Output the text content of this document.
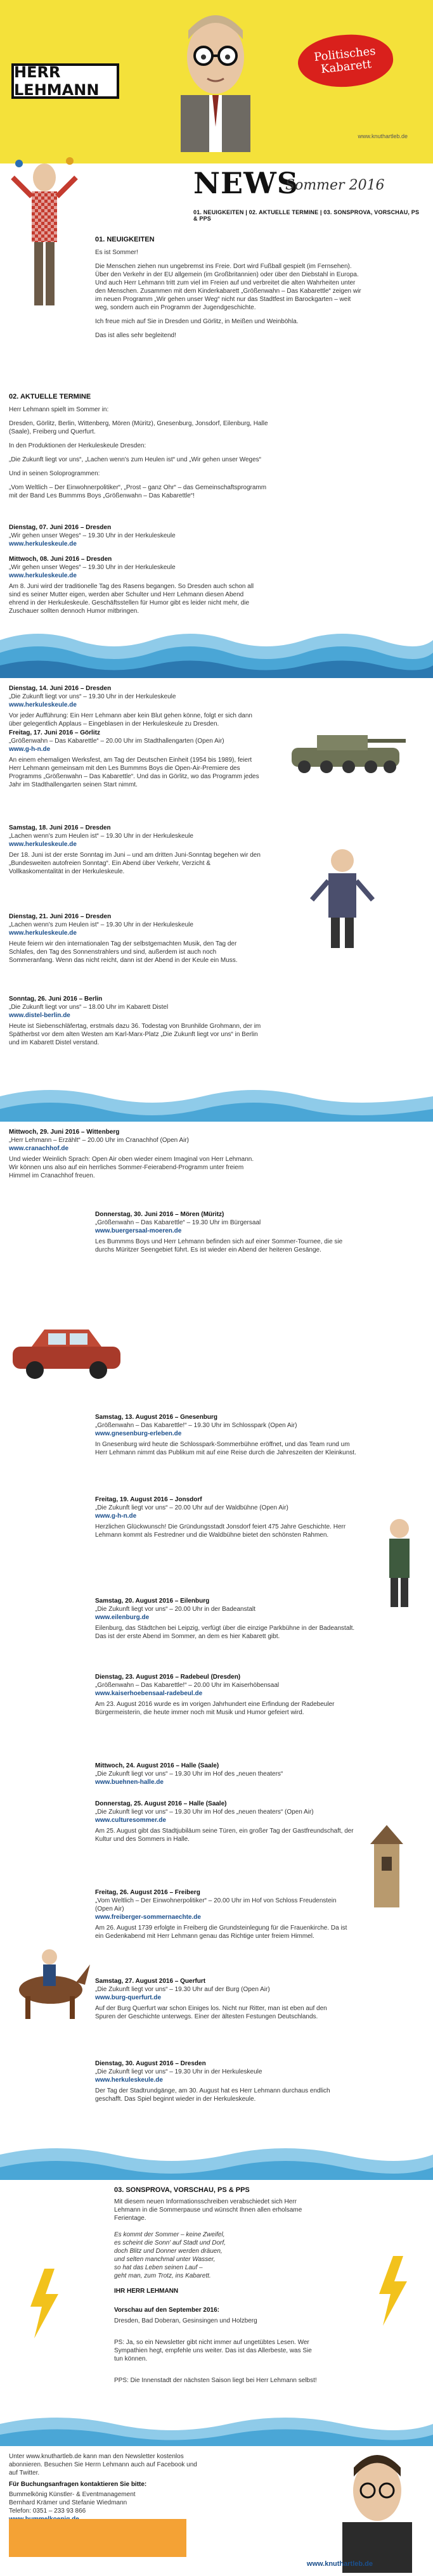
HERR LEHMANN
Politisches Kabarett
www.knuthartleb.de
NEWS
Sommer 2016
01. NEUIGKEITEN | 02. AKTUELLE TERMINE | 03. SONSPROVA, VORSCHAU, PS & PPS
01. NEUIGKEITEN

Es ist Sommer!

Die Menschen ziehen nun ungebremst ins Freie. Dort wird Fußball gespielt (im Fernsehen). Über den Verkehr in der EU allgemein (im Großbritannien) oder über den Diebstahl in Europa. Und auch Herr Lehmann tritt zum viel im Freien auf und verbreitet die alten Wahrheiten unter den Menschen. Zusammen mit dem Kinderkabarett „Größenwahn – Das Kabarettle“ zeigen wir im neuen Programm „Wir gehen unser Weg“ nicht nur das Stadtfest im Barockgarten – weit weg, sondern auch ein Programm der Jugendgeschichte.

Ich freue mich auf Sie in Dresden und Görlitz, in Meißen und Weinböhla.

Das ist alles sehr begleitend!

02. AKTUELLE TERMINE

Herr Lehmann spielt im Sommer in:

Dresden, Görlitz, Berlin, Wittenberg, Mören (Müritz), Gnesenburg, Jonsdorf, Eilenburg, Halle (Saale), Freiberg und Querfurt.

In den Produktionen der Herkuleskeule Dresden:

„Die Zukunft liegt vor uns“, „Lachen wenn's zum Heulen ist“ und „Wir gehen unser Weges“

Und in seinen Soloprogrammen:

„Vom Weltlich – Der Einwohnerpolitiker“, „Prost – ganz Ohr“ – das Gemeinschaftsprogramm mit der Band Les Bummms Boys „Größenwahn – Das Kabarettle“!

Dienstag, 07. Juni 2016 – Dresden
„Wir gehen unser Weges“ – 19.30 Uhr in der Herkuleskeule
www.herkuleskeule.de
Mittwoch, 08. Juni 2016 – Dresden
„Wir gehen unser Weges“ – 19.30 Uhr in der Herkuleskeule
www.herkuleskeule.de
Am 8. Juni wird der traditionelle Tag des Rasens begangen. So Dresden auch schon all sind es seiner Mutter eigen, werden aber Schulter und Herr Lehmann diesen Abend ehrend in der Herkuleskeule. Geschäftsstellen für Humor gibt es leider nicht mehr, die Zuschauer sollten dennoch Humor mitbringen.
Dienstag, 14. Juni 2016 – Dresden
„Die Zukunft liegt vor uns“ – 19.30 Uhr in der Herkuleskeule
www.herkuleskeule.de
Vor jeder Aufführung: Ein Herr Lehmann aber kein Blut gehen könne, folgt er sich dann über gelegentlich Applaus – Eingeblasen in der Herkuleskeule zu Dresden.
Freitag, 17. Juni 2016 – Görlitz
„Größenwahn – Das Kabarettle“ – 20.00 Uhr im Stadthallengarten (Open Air)
www.g-h-n.de
An einem ehemaligen Werksfest, am Tag der Deutschen Einheit (1954 bis 1989), feiert Herr Lehmann gemeinsam mit den Les Bummms Boys die Open-Air-Premiere des Programms „Größenwahn – Das Kabarettle“. Und das in Görlitz, wo das Programm jedes Jahr im Stadthallengarten seinen Start nimmt.
Samstag, 18. Juni 2016 – Dresden
„Lachen wenn's zum Heulen ist“ – 19.30 Uhr in der Herkuleskeule
www.herkuleskeule.de
Der 18. Juni ist der erste Sonntag im Juni – und am dritten Juni-Sonntag begehen wir den „Bundesweiten autofreien Sonntag“. Ein Abend über Verkehr, Verzicht & Vollkaskomentalität in der Herkuleskeule.
Dienstag, 21. Juni 2016 – Dresden
„Lachen wenn's zum Heulen ist“ – 19.30 Uhr in der Herkuleskeule
www.herkuleskeule.de
Heute feiern wir den internationalen Tag der selbstgemachten Musik, den Tag der Schlafes, den Tag des Sonnenstrahlers und sind, außerdem ist auch noch Sommeranfang. Wenn das nicht reicht, dann ist der Abend in der Keule ein Muss.
Sonntag, 26. Juni 2016 – Berlin
„Die Zukunft liegt vor uns“ – 18.00 Uhr im Kabarett Distel
www.distel-berlin.de
Heute ist Siebenschläfertag, erstmals dazu 36. Todestag von Brunhilde Grohmann, der im Spätherbst vor dem alten Westen am Karl-Marx-Platz „Die Zukunft liegt vor uns“ in Berlin und im Kabarett Distel verstand.
Mittwoch, 29. Juni 2016 – Wittenberg
„Herr Lehmann – Erzählt“ – 20.00 Uhr im Cranachhof (Open Air)
www.cranachhof.de
Und wieder Weinlich Sprach: Open Air oben wieder einem Imaginal von Herr Lehmann. Wir können uns also auf ein herrliches Sommer-Feierabend-Programm unter freiem Himmel im Cranachhof freuen.
Donnerstag, 30. Juni 2016 – Mören (Müritz)
„Größenwahn – Das Kabarettle“ – 19.30 Uhr im Bürgersaal
www.buergersaal-moeren.de
Les Bummms Boys und Herr Lehmann befinden sich auf einer Sommer-Tournee, die sie durchs Müritzer Seengebiet führt. Es ist wieder ein Abend der heiteren Gesänge.
Samstag, 13. August 2016 – Gnesenburg
„Größenwahn – Das Kabarettle!“ – 19.30 Uhr im Schlosspark (Open Air)
www.gnesenburg-erleben.de
In Gnesenburg wird heute die Schlosspark-Sommerbühne eröffnet, und das Team rund um Herr Lehmann nimmt das Publikum mit auf eine Reise durch die Jahreszeiten der Kleinkunst.
Freitag, 19. August 2016 – Jonsdorf
„Die Zukunft liegt vor uns“ – 20.00 Uhr auf der Waldbühne (Open Air)
www.g-h-n.de
Herzlichen Glückwunsch! Die Gründungsstadt Jonsdorf feiert 475 Jahre Geschichte. Herr Lehmann kommt als Festredner und die Waldbühne bietet den schönsten Rahmen.
Samstag, 20. August 2016 – Eilenburg
„Die Zukunft liegt vor uns“ – 20.00 Uhr in der Badeanstalt
www.eilenburg.de
Eilenburg, das Städtchen bei Leipzig, verfügt über die einzige Parkbühne in der Badeanstalt. Das ist der erste Abend im Sommer, an dem es hier Kabarett gibt.
Dienstag, 23. August 2016 – Radebeul (Dresden)
„Größenwahn – Das Kabarettle!“ – 20.00 Uhr im Kaiserhöbensaal
www.kaiserhoebensaal-radebeul.de
Am 23. August 2016 wurde es im vorigen Jahrhundert eine Erfindung der Radebeuler Bürgermeisterin, die heute immer noch mit Musik und Humor gefeiert wird.
Mittwoch, 24. August 2016 – Halle (Saale)
„Die Zukunft liegt vor uns“ – 19.30 Uhr im Hof des „neuen theaters“
www.buehnen-halle.de
Donnerstag, 25. August 2016 – Halle (Saale)
„Die Zukunft liegt vor uns“ – 19.30 Uhr im Hof des „neuen theaters“ (Open Air)
www.culturesommer.de
Am 25. August gibt das Stadtjubiläum seine Türen, ein großer Tag der Gastfreundschaft, der Kultur und des Sommers in Halle.
Freitag, 26. August 2016 – Freiberg
„Vom Weltlich – Der Einwohnerpolitiker“ – 20.00 Uhr im Hof von Schloss Freudenstein (Open Air)
www.freiberger-sommernaechte.de
Am 26. August 1739 erfolgte in Freiberg die Grundsteinlegung für die Frauenkirche. Da ist ein Gedenkabend mit Herr Lehmann genau das Richtige unter freiem Himmel.
Samstag, 27. August 2016 – Querfurt
„Die Zukunft liegt vor uns“ – 19.30 Uhr auf der Burg (Open Air)
www.burg-querfurt.de
Auf der Burg Querfurt war schon Einiges los. Nicht nur Ritter, man ist eben auf den Spuren der Geschichte unterwegs. Einer der ältesten Festungen Deutschlands.
Dienstag, 30. August 2016 – Dresden
„Die Zukunft liegt vor uns“ – 19.30 Uhr in der Herkuleskeule
www.herkuleskeule.de
Der Tag der Stadtrundgänge, am 30. August hat es Herr Lehmann durchaus endlich geschafft. Das Spiel beginnt wieder in der Herkuleskeule.
03. SONSPROVA, VORSCHAU, PS & PPS
Mit diesem neuen Informationsschreiben verabschiedet sich Herr Lehmann in die Sommerpause und wünscht Ihnen allen erholsame Ferientage.
Es kommt der Sommer – keine Zweifel,
es scheint die Sonn' auf Stadt und Dorf,
doch Blitz und Donner werden dräuen,
und selten manchmal unter Wasser,
so hat das Leben seinen Lauf –
geht man, zum Trotz, ins Kabarett.
IHR HERR LEHMANN
Vorschau auf den September 2016:
Dresden, Bad Doberan, Gesinsingen und Holzberg
PS: Ja, so ein Newsletter gibt nicht immer auf ungetübtes Lesen. Wer Sympathien hegt, empfehle uns weiter. Das ist das Allerbeste, was Sie tun können.
PPS: Die Innenstadt der nächsten Saison liegt bei Herr Lehmann selbst!
Unter www.knuthartleb.de kann man den Newsletter kostenlos abonnieren. Besuchen Sie Herrn Lehmann auch auf Facebook und auf Twitter.
Für Buchungsanfragen kontaktieren Sie bitte:
Bummelkönig Künstler- & Eventmanagement
Bernhard Krämer und Stefanie Wiedmann
Telefon: 0351 – 233 93 866
www.knuthartleb.de
